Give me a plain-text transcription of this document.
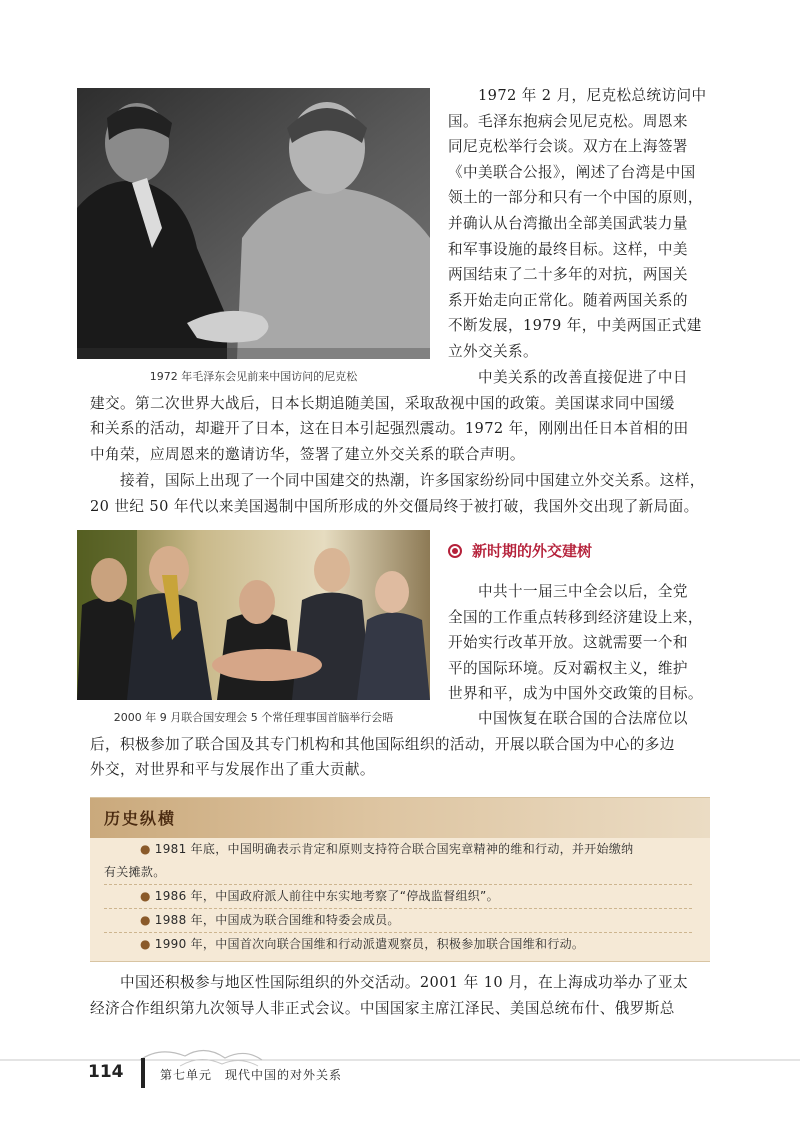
1972 年毛泽东会见前来中国访问的尼克松
1972 年 2 月，尼克松总统访问中
国。毛泽东抱病会见尼克松。周恩来
同尼克松举行会谈。双方在上海签署
《中美联合公报》，阐述了台湾是中国
领土的一部分和只有一个中国的原则，
并确认从台湾撤出全部美国武装力量
和军事设施的最终目标。这样，中美
两国结束了二十多年的对抗，两国关
系开始走向正常化。随着两国关系的
不断发展，1979 年，中美两国正式建
立外交关系。
中美关系的改善直接促进了中日
建交。第二次世界大战后，日本长期追随美国，采取敌视中国的政策。美国谋求同中国缓
和关系的活动，却避开了日本，这在日本引起强烈震动。1972 年，刚刚出任日本首相的田
中角荣，应周恩来的邀请访华，签署了建立外交关系的联合声明。
接着，国际上出现了一个同中国建交的热潮，许多国家纷纷同中国建立外交关系。这样，
20 世纪 50 年代以来美国遏制中国所形成的外交僵局终于被打破，我国外交出现了新局面。
2000 年 9 月联合国安理会 5 个常任理事国首脑举行会晤
新时期的外交建树
中共十一届三中全会以后，全党
全国的工作重点转移到经济建设上来，
开始实行改革开放。这就需要一个和
平的国际环境。反对霸权主义，维护
世界和平，成为中国外交政策的目标。
中国恢复在联合国的合法席位以
后，积极参加了联合国及其专门机构和其他国际组织的活动，开展以联合国为中心的多边
外交，对世界和平与发展作出了重大贡献。
历史纵横
● 1981 年底，中国明确表示肯定和原则支持符合联合国宪章精神的维和行动，并开始缴纳
有关摊款。
● 1986 年，中国政府派人前往中东实地考察了“停战监督组织”。
● 1988 年，中国成为联合国维和特委会成员。
● 1990 年，中国首次向联合国维和行动派遣观察员，积极参加联合国维和行动。
中国还积极参与地区性国际组织的外交活动。2001 年 10 月，在上海成功举办了亚太
经济合作组织第九次领导人非正式会议。中国国家主席江泽民、美国总统布什、俄罗斯总
114	第七单元　现代中国的对外关系
